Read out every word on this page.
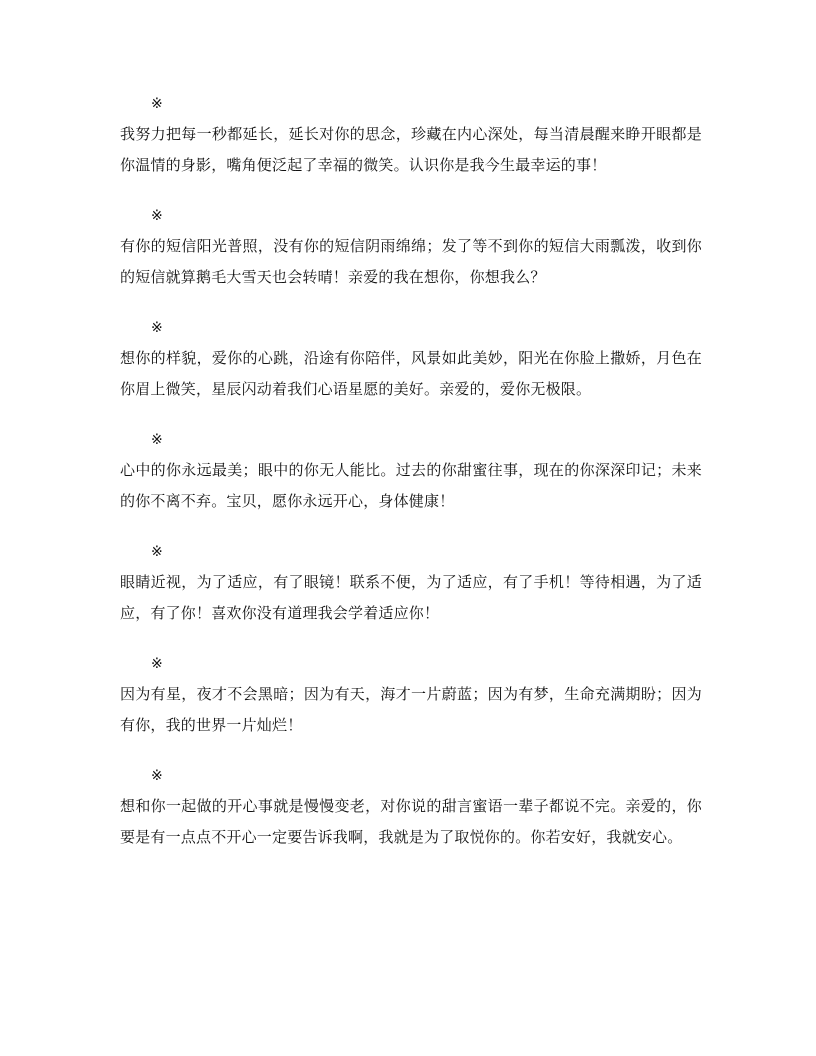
※
我努力把每一秒都延长，延长对你的思念，珍藏在内心深处，每当清晨醒来睁开眼都是你温情的身影，嘴角便泛起了幸福的微笑。认识你是我今生最幸运的事！
※
有你的短信阳光普照，没有你的短信阴雨绵绵；发了等不到你的短信大雨瓢泼，收到你的短信就算鹅毛大雪天也会转晴！亲爱的我在想你，你想我么？
※
想你的样貌，爱你的心跳，沿途有你陪伴，风景如此美妙，阳光在你脸上撒娇，月色在你眉上微笑，星辰闪动着我们心语星愿的美好。亲爱的，爱你无极限。
※
心中的你永远最美；眼中的你无人能比。过去的你甜蜜往事，现在的你深深印记；未来的你不离不弃。宝贝，愿你永远开心，身体健康！
※
眼睛近视，为了适应，有了眼镜！联系不便，为了适应，有了手机！等待相遇，为了适应，有了你！喜欢你没有道理我会学着适应你！
※
因为有星，夜才不会黑暗；因为有天，海才一片蔚蓝；因为有梦，生命充满期盼；因为有你，我的世界一片灿烂！
※
想和你一起做的开心事就是慢慢变老，对你说的甜言蜜语一辈子都说不完。亲爱的，你要是有一点点不开心一定要告诉我啊，我就是为了取悦你的。你若安好，我就安心。
